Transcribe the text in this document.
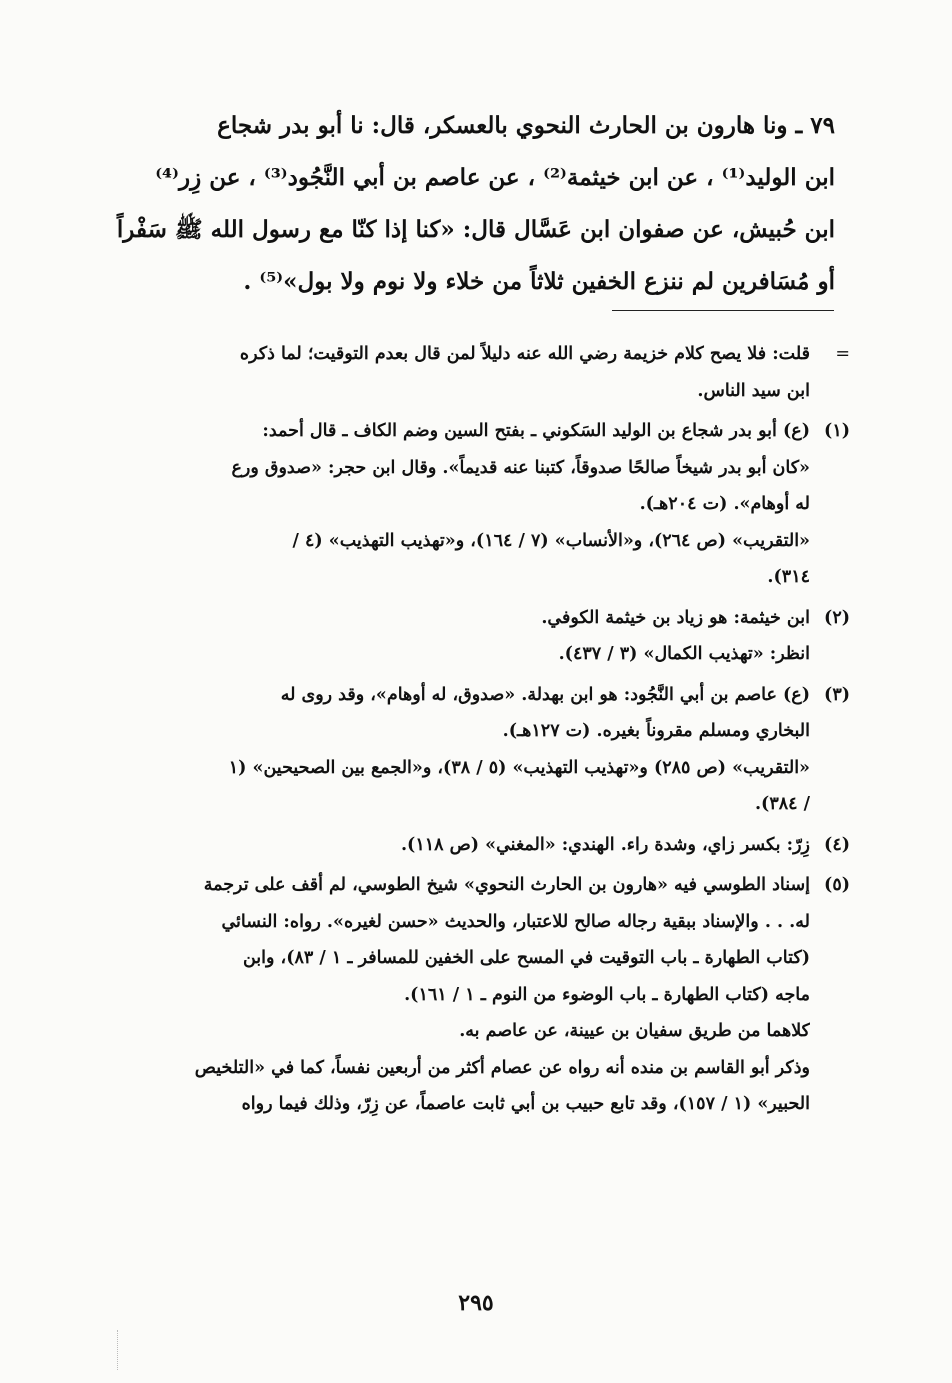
٧٩ ـ ونا هارون بن الحارث النحوي بالعسكر، قال: نا أبو بدر شجاع

ابن الوليد⁽¹⁾ ، عن ابن خيثمة⁽²⁾ ، عن عاصم بن أبي النَّجُود⁽³⁾ ، عن زِر⁽⁴⁾

ابن حُبيش، عن صفوان ابن عَسَّال قال: «كنا إذا كنّا مع رسول الله ﷺ سَفْراً

أو مُسَافرين لم ننزع الخفين ثلاثاً من خلاء ولا نوم ولا بول»⁽⁵⁾ .

=

قلت: فلا يصح كلام خزيمة رضي الله عنه دليلاً لمن قال بعدم التوقيت؛ لما ذكره

ابن سيد الناس.

(١)

(ع) أبو بدر شجاع بن الوليد السَكوني ـ بفتح السين وضم الكاف ـ قال أحمد:

«كان أبو بدر شيخاً صالحًا صدوقاً، كتبنا عنه قديماً». وقال ابن حجر: «صدوق ورع

له أوهام». (ت ٢٠٤هـ).

«التقريب» (ص ٢٦٤)، و«الأنساب» (٧ / ١٦٤)، و«تهذيب التهذيب» (٤ /

٣١٤).

(٢)

ابن خيثمة: هو زياد بن خيثمة الكوفي.

انظر: «تهذيب الكمال» (٣ / ٤٣٧).

(٣)

(ع) عاصم بن أبي النَّجُود: هو ابن بهدلة. «صدوق، له أوهام»، وقد روى له

البخاري ومسلم مقروناً بغيره. (ت ١٢٧هـ).

«التقريب» (ص ٢٨٥) و«تهذيب التهذيب» (٥ / ٣٨)، و«الجمع بين الصحيحين» (١

/ ٣٨٤).

(٤)

زِرّ: بكسر زاي، وشدة راء. الهندي: «المغني» (ص ١١٨).

(٥)

إسناد الطوسي فيه «هارون بن الحارث النحوي» شيخ الطوسي، لم أقف على ترجمة

له. . . والإسناد ببقية رجاله صالح للاعتبار، والحديث «حسن لغيره». رواه: النسائي

(كتاب الطهارة ـ باب التوقيت في المسح على الخفين للمسافر ـ ١ / ٨٣)، وابن

ماجه (كتاب الطهارة ـ باب الوضوء من النوم ـ ١ / ١٦١).

كلاهما من طريق سفيان بن عيينة، عن عاصم به.

وذكر أبو القاسم بن منده أنه رواه عن عصام أكثر من أربعين نفساً، كما في «التلخيص

الحبير» (١ / ١٥٧)، وقد تابع حبيب بن أبي ثابت عاصماً، عن زِرّ، وذلك فيما رواه

٢٩٥
